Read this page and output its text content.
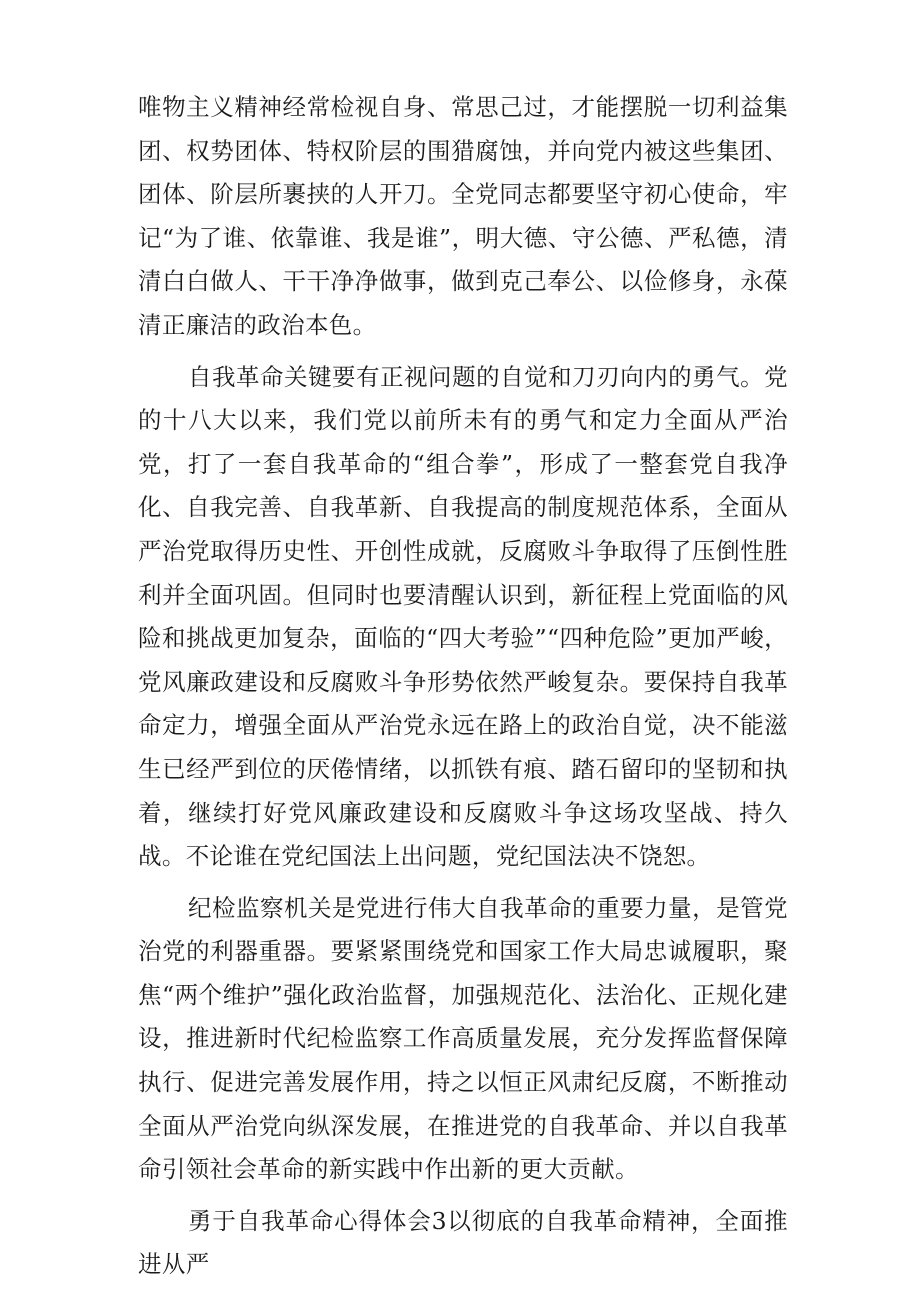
唯物主义精神经常检视自身、常思己过，才能摆脱一切利益集团、权势团体、特权阶层的围猎腐蚀，并向党内被这些集团、团体、阶层所裹挟的人开刀。全党同志都要坚守初心使命，牢记“为了谁、依靠谁、我是谁”，明大德、守公德、严私德，清清白白做人、干干净净做事，做到克己奉公、以俭修身，永葆清正廉洁的政治本色。

自我革命关键要有正视问题的自觉和刀刃向内的勇气。党的十八大以来，我们党以前所未有的勇气和定力全面从严治党，打了一套自我革命的“组合拳”，形成了一整套党自我净化、自我完善、自我革新、自我提高的制度规范体系，全面从严治党取得历史性、开创性成就，反腐败斗争取得了压倒性胜利并全面巩固。但同时也要清醒认识到，新征程上党面临的风险和挑战更加复杂，面临的“四大考验”“四种危险”更加严峻，党风廉政建设和反腐败斗争形势依然严峻复杂。要保持自我革命定力，增强全面从严治党永远在路上的政治自觉，决不能滋生已经严到位的厌倦情绪，以抓铁有痕、踏石留印的坚韧和执着，继续打好党风廉政建设和反腐败斗争这场攻坚战、持久战。不论谁在党纪国法上出问题，党纪国法决不饶恕。

纪检监察机关是党进行伟大自我革命的重要力量，是管党治党的利器重器。要紧紧围绕党和国家工作大局忠诚履职，聚焦“两个维护”强化政治监督，加强规范化、法治化、正规化建设，推进新时代纪检监察工作高质量发展，充分发挥监督保障执行、促进完善发展作用，持之以恒正风肃纪反腐，不断推动全面从严治党向纵深发展，在推进党的自我革命、并以自我革命引领社会革命的新实践中作出新的更大贡献。

勇于自我革命心得体会3以彻底的自我革命精神，全面推进从严
